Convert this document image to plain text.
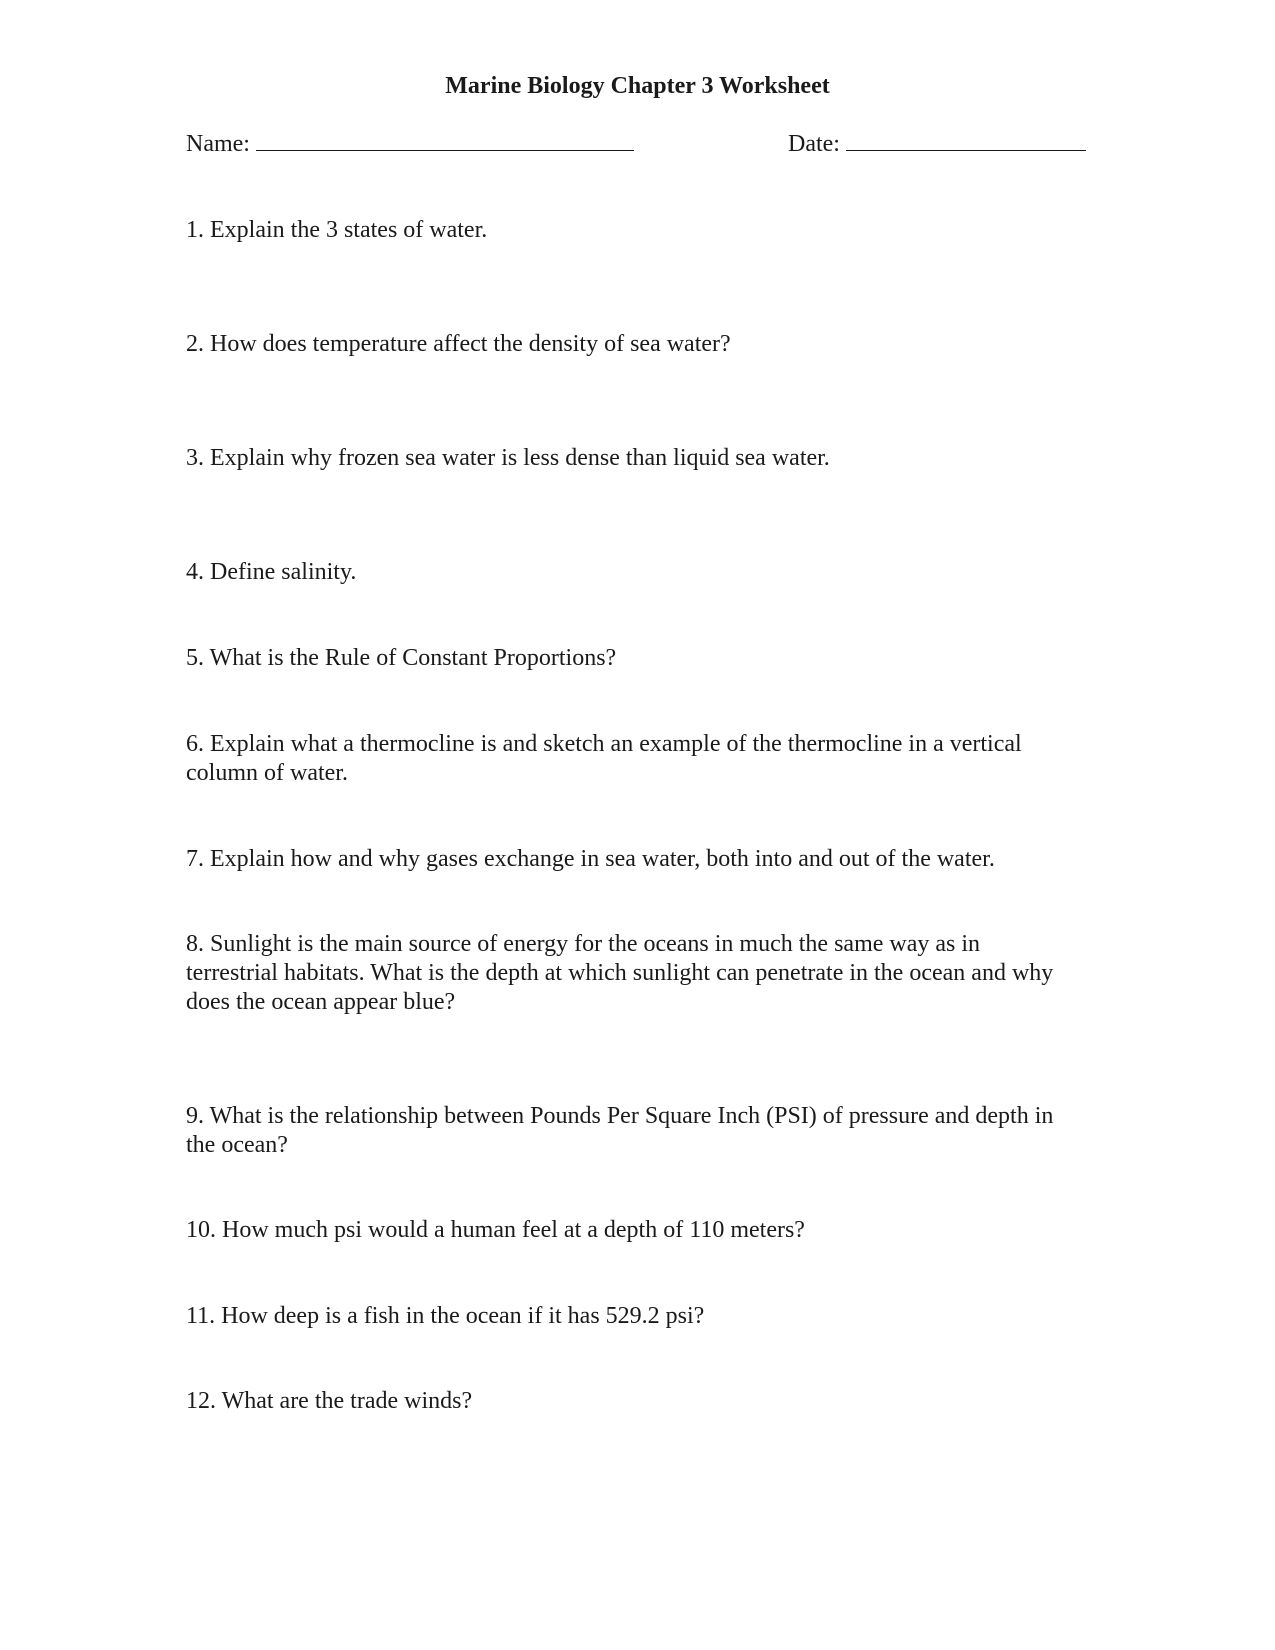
Marine Biology Chapter 3 Worksheet
Name:	Date:
1. Explain the 3 states of water.
2. How does temperature affect the density of sea water?
3. Explain why frozen sea water is less dense than liquid sea water.
4. Define salinity.
5. What is the Rule of Constant Proportions?
6. Explain what a thermocline is and sketch an example of the thermocline in a vertical column of water.
7. Explain how and why gases exchange in sea water, both into and out of the water.
8. Sunlight is the main source of energy for the oceans in much the same way as in terrestrial habitats. What is the depth at which sunlight can penetrate in the ocean and why does the ocean appear blue?
9. What is the relationship between Pounds Per Square Inch (PSI) of pressure and depth in the ocean?
10. How much psi would a human feel at a depth of 110 meters?
11. How deep is a fish in the ocean if it has 529.2 psi?
12. What are the trade winds?
